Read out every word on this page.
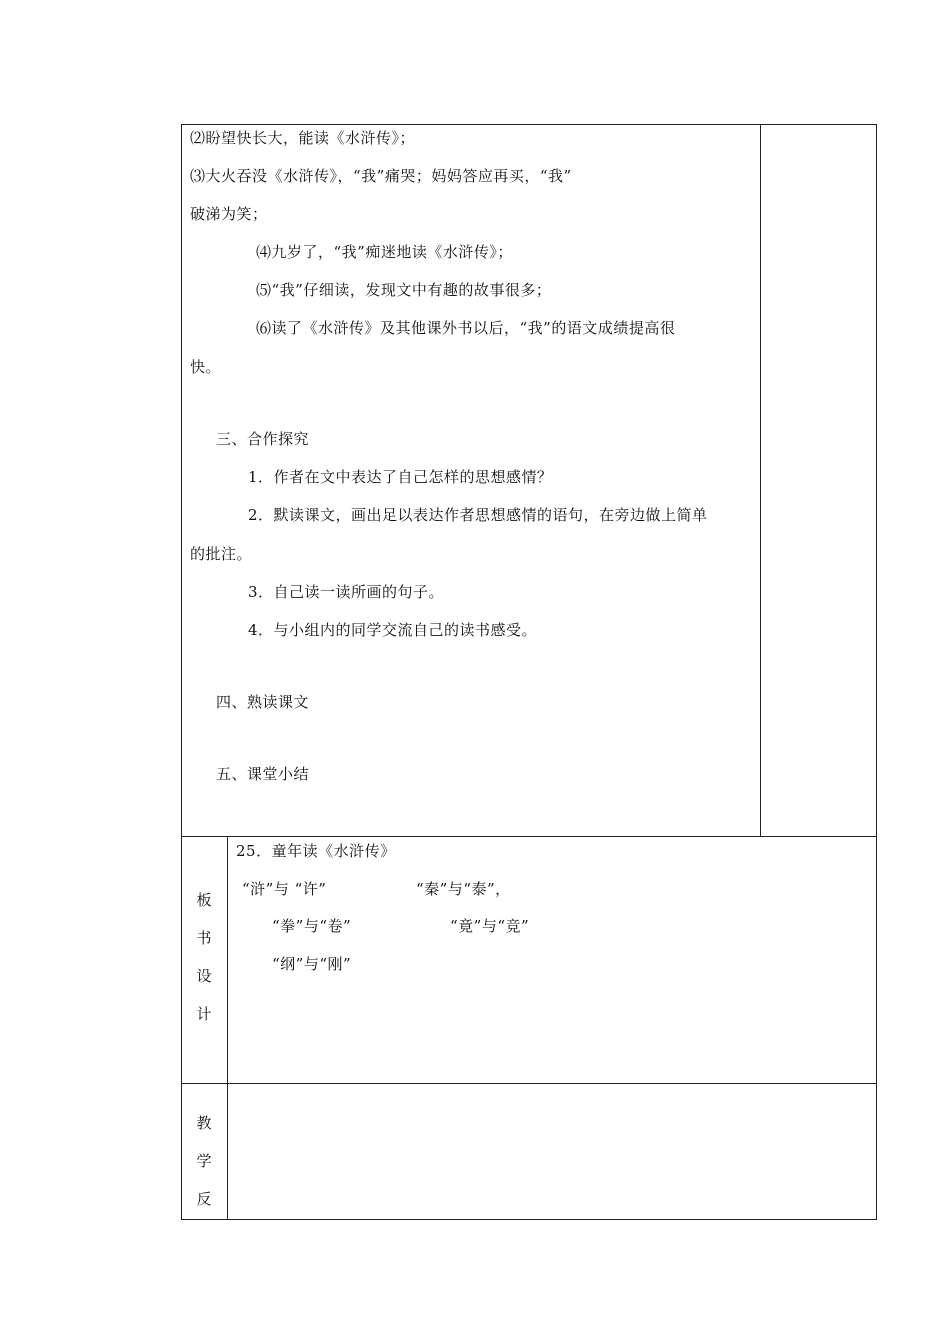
⑵盼望快长大，能读《水浒传》；
⑶大火吞没《水浒传》，“我”痛哭；妈妈答应再买，“我”
破涕为笑；
⑷九岁了，“我”痴迷地读《水浒传》；
⑸“我”仔细读，发现文中有趣的故事很多；
⑹读了《水浒传》及其他课外书以后，“我”的语文成绩提高很
快。
三、合作探究
1．作者在文中表达了自己怎样的思想感情？
2．默读课文，画出足以表达作者思想感情的语句，在旁边做上简单
的批注。
3．自己读一读所画的句子。
4．与小组内的同学交流自己的读书感受。
四、熟读课文
五、课堂小结
板
书
设
计
25．童年读《水浒传》
“浒”与 “许”	“秦”与“泰”，
“拳”与“卷”	“竟”与“竞”
“纲”与“刚”
教
学
反
